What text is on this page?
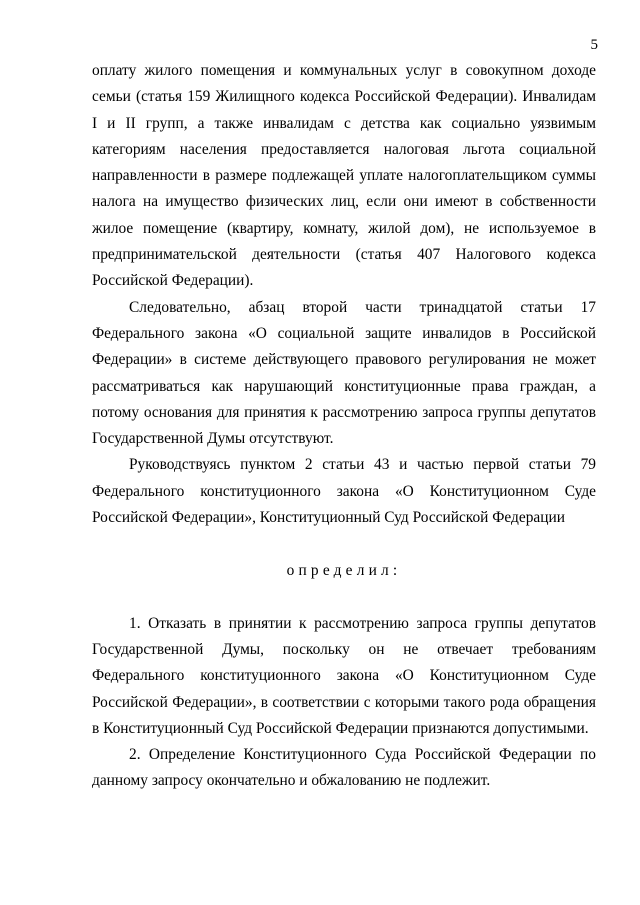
5

оплату жилого помещения и коммунальных услуг в совокупном доходе семьи (статья 159 Жилищного кодекса Российской Федерации). Инвалидам I и II групп, а также инвалидам с детства как социально уязвимым категориям населения предоставляется налоговая льгота социальной направленности в размере подлежащей уплате налогоплательщиком суммы налога на имущество физических лиц, если они имеют в собственности жилое помещение (квартиру, комнату, жилой дом), не используемое в предпринимательской деятельности (статья 407 Налогового кодекса Российской Федерации).

Следовательно, абзац второй части тринадцатой статьи 17 Федерального закона «О социальной защите инвалидов в Российской Федерации» в системе действующего правового регулирования не может рассматриваться как нарушающий конституционные права граждан, а потому основания для принятия к рассмотрению запроса группы депутатов Государственной Думы отсутствуют.

Руководствуясь пунктом 2 статьи 43 и частью первой статьи 79 Федерального конституционного закона «О Конституционном Суде Российской Федерации», Конституционный Суд Российской Федерации

определил:

1. Отказать в принятии к рассмотрению запроса группы депутатов Государственной Думы, поскольку он не отвечает требованиям Федерального конституционного закона «О Конституционном Суде Российской Федерации», в соответствии с которыми такого рода обращения в Конституционный Суд Российской Федерации признаются допустимыми.

2. Определение Конституционного Суда Российской Федерации по данному запросу окончательно и обжалованию не подлежит.
